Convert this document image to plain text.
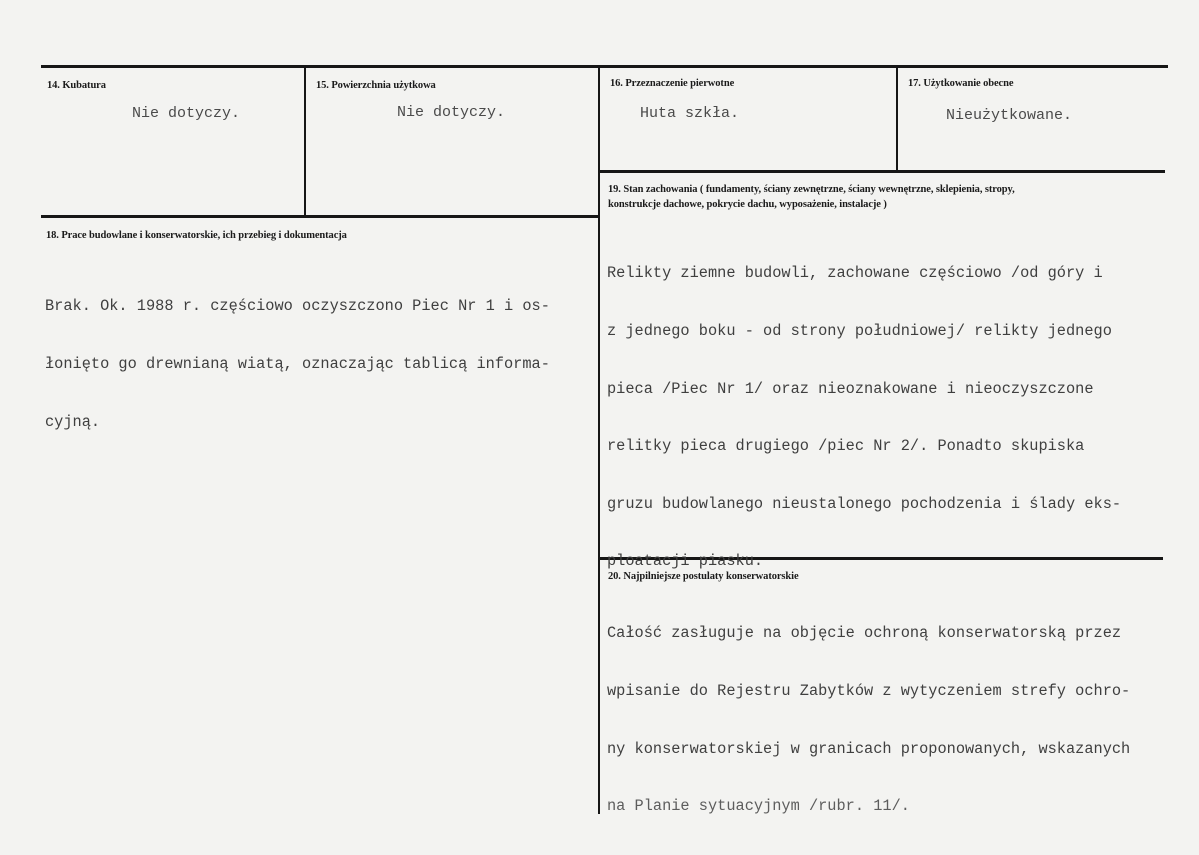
14. Kubatura
Nie dotyczy.
15. Powierzchnia użytkowa
Nie dotyczy.
16. Przeznaczenie pierwotne
Huta szkła.
17. Użytkowanie obecne
Nieużytkowane.
18. Prace budowlane i konserwatorskie, ich przebieg i dokumentacja

Brak. Ok. 1988 r. częściowo oczyszczono Piec Nr 1 i os-

łonięto go drewnianą wiatą, oznaczając tablicą informa-

cyjną.

19. Stan zachowania ( fundamenty, ściany zewnętrzne, ściany wewnętrzne, sklepienia, stropy,
konstrukcje dachowe, pokrycie dachu, wyposażenie, instalacje )

Relikty ziemne budowli, zachowane częściowo /od góry i

z jednego boku - od strony południowej/ relikty jednego

pieca /Piec Nr 1/ oraz nieoznakowane i nieoczyszczone

relitky pieca drugiego /piec Nr 2/. Ponadto skupiska

gruzu budowlanego nieustalonego pochodzenia i ślady eks-

ploatacji piasku.

20. Najpilniejsze postulaty konserwatorskie

Całość zasługuje na objęcie ochroną konserwatorską przez

wpisanie do Rejestru Zabytków z wytyczeniem strefy ochro-

ny konserwatorskiej w granicach proponowanych, wskazanych

na Planie sytuacyjnym /rubr. 11/.
